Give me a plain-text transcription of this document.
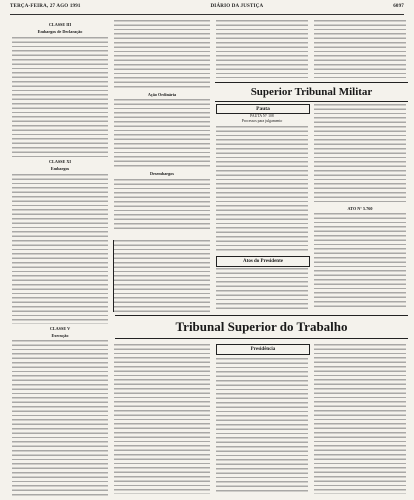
TERÇA-FEIRA, 27 AGO 1991	DIÁRIO DA JUSTIÇA	6097
CLASSE III
Embargos de Declaração
CLASSE XI
Embargos
CLASSE V
Execução
Ação Ordinária
Desembargos
Superior Tribunal Militar
Pauta
PAUTA N° 108
Processos para julgamento
Atos do Presidente
ATO N° 5.760
Tribunal Superior do Trabalho
Presidência
